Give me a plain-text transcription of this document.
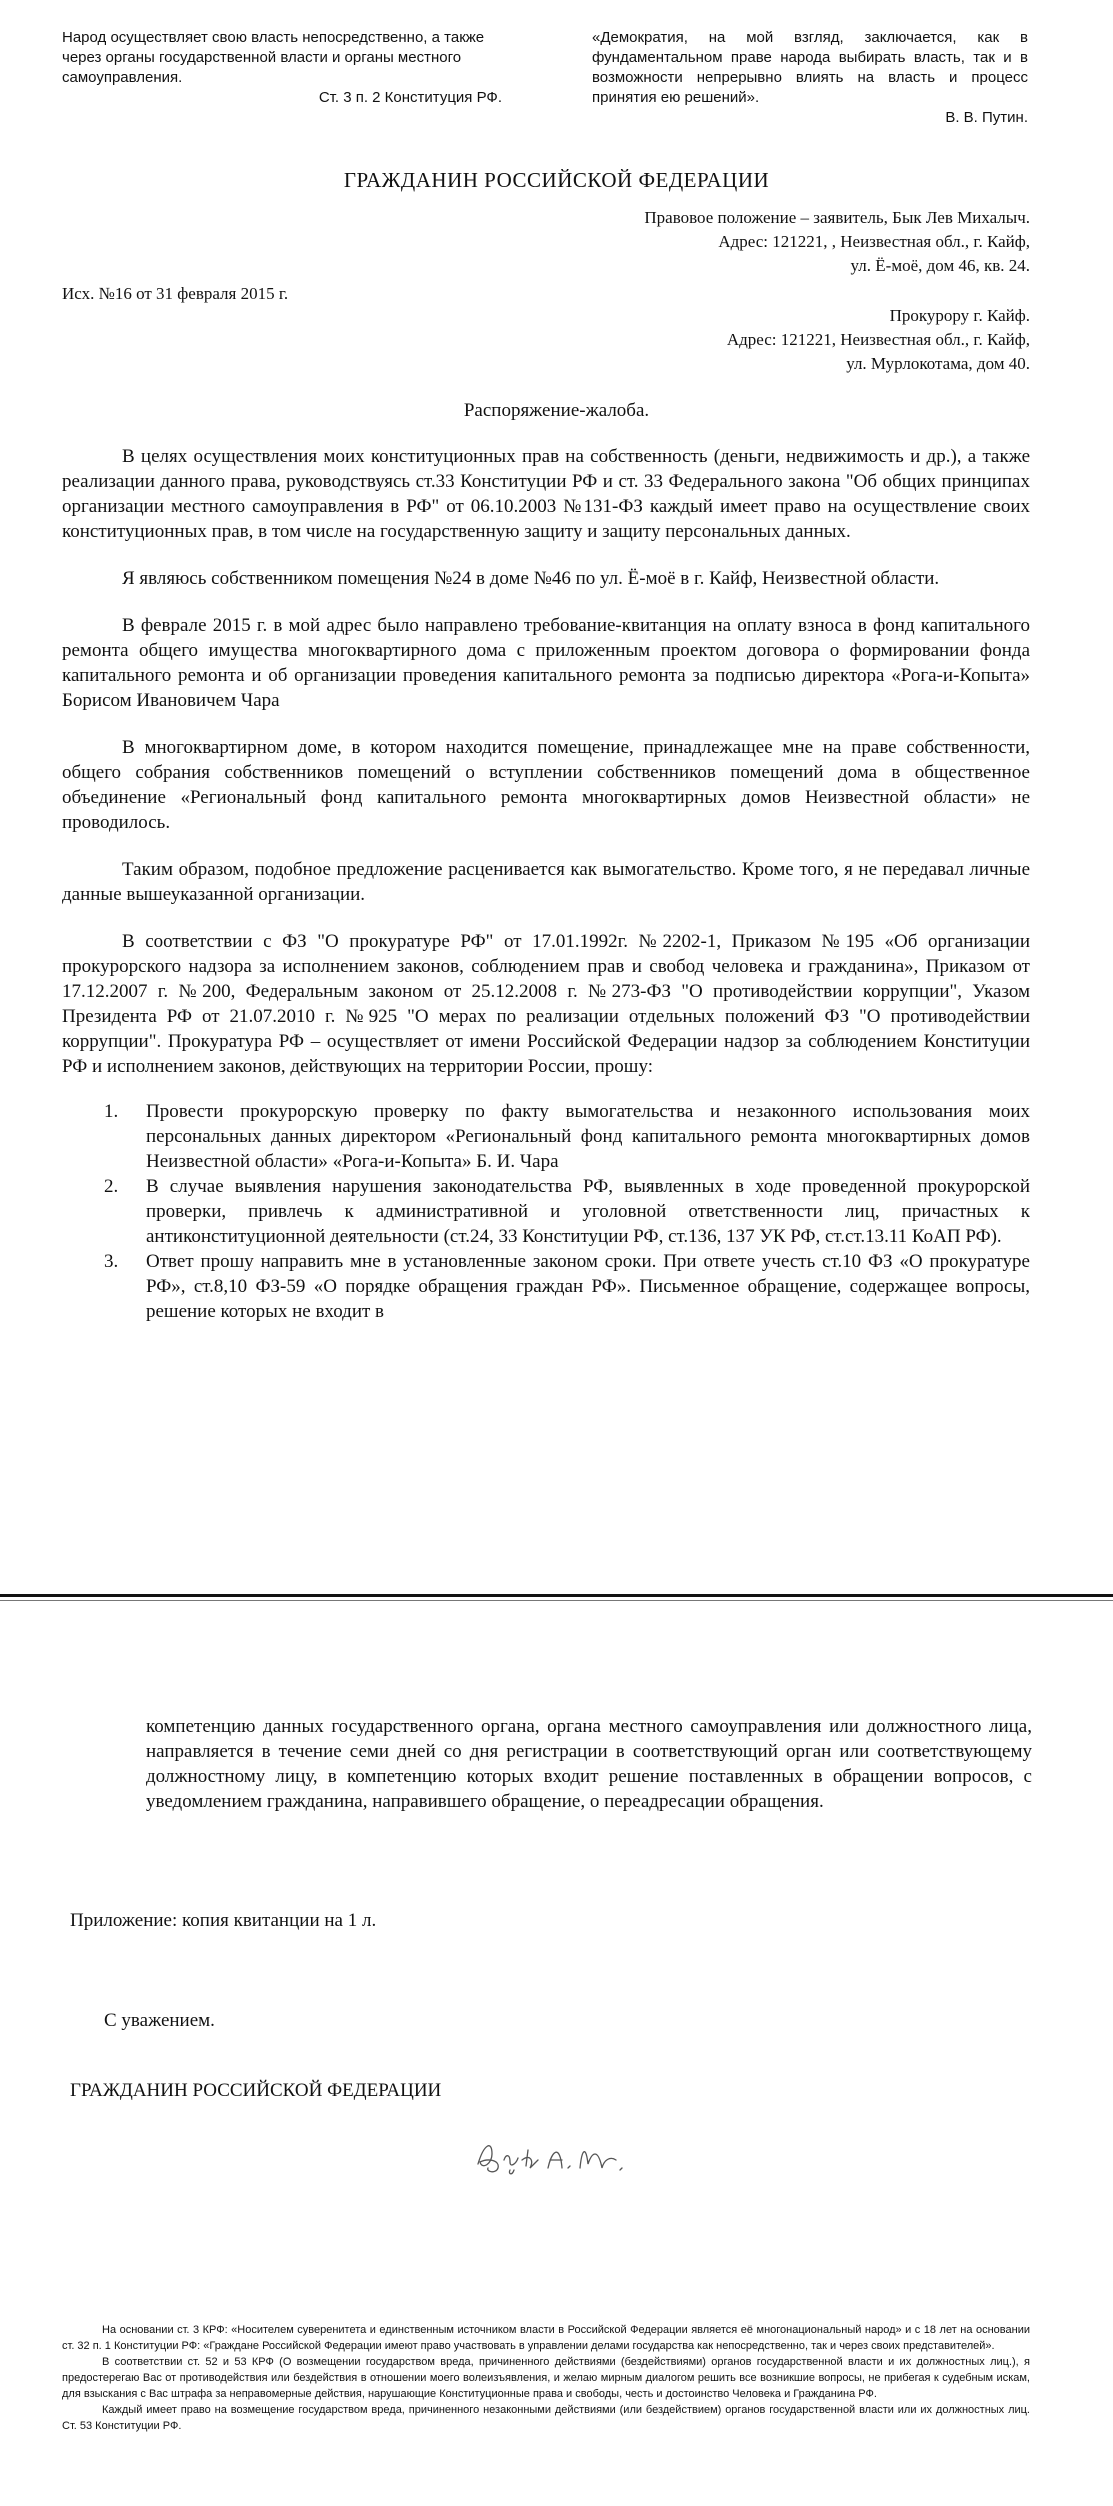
Народ осуществляет свою власть непосредственно, а также через органы государственной власти и органы местного самоуправления.
Ст. 3 п. 2 Конституция РФ.
«Демократия, на мой взгляд, заключается, как в фундаментальном праве народа выбирать власть, так и в возможности непрерывно влиять на власть и процесс принятия ею решений».
В. В. Путин.
ГРАЖДАНИН РОССИЙСКОЙ ФЕДЕРАЦИИ
Правовое положение – заявитель, Бык Лев Михалыч.
Адрес: 121221, , Неизвестная обл., г. Кайф,
ул. Ё-моё, дом 46, кв. 24.
Исх. №16 от 31 февраля 2015 г.
Прокурору г. Кайф.
Адрес: 121221, Неизвестная обл., г. Кайф,
ул. Мурлокотама, дом 40.
Распоряжение-жалоба.

В целях осуществления моих конституционных прав на собственность (деньги, недвижимость и др.), а также реализации данного права, руководствуясь ст.33 Конституции РФ и ст. 33 Федерального закона "Об общих принципах организации местного самоуправления в РФ" от 06.10.2003 №131-ФЗ каждый имеет право на осуществление своих конституционных прав, в том числе на государственную защиту и защиту персональных данных.

Я являюсь собственником помещения №24 в доме №46 по ул. Ё-моё в г. Кайф, Неизвестной области.

В феврале 2015 г. в мой адрес было направлено требование-квитанция на оплату взноса в фонд капитального ремонта общего имущества многоквартирного дома с приложенным проектом договора о формировании фонда капитального ремонта и об организации проведения капитального ремонта за подписью директора «Рога-и-Копыта» Борисом Ивановичем Чара

В многоквартирном доме, в котором находится помещение, принадлежащее мне на праве собственности, общего собрания собственников помещений о вступлении собственников помещений дома в общественное объединение «Региональный фонд капитального ремонта многоквартирных домов Неизвестной области» не проводилось.

Таким образом, подобное предложение расценивается как вымогательство. Кроме того, я не передавал личные данные вышеуказанной организации.

В соответствии с ФЗ "О прокуратуре РФ" от 17.01.1992г. №2202-1, Приказом №195 «Об организации прокурорского надзора за исполнением законов, соблюдением прав и свобод человека и гражданина», Приказом от 17.12.2007 г. №200, Федеральным законом от 25.12.2008 г. №273-ФЗ "О противодействии коррупции", Указом Президента РФ от 21.07.2010 г. №925 "О мерах по реализации отдельных положений ФЗ "О противодействии коррупции". Прокуратура РФ – осуществляет от имени Российской Федерации надзор за соблюдением Конституции РФ и исполнением законов, действующих на территории России, прошу:

1. Провести прокурорскую проверку по факту вымогательства и незаконного использования моих персональных данных директором «Региональный фонд капитального ремонта многоквартирных домов Неизвестной области» «Рога-и-Копыта» Б. И. Чара
2. В случае выявления нарушения законодательства РФ, выявленных в ходе проведенной прокурорской проверки, привлечь к административной и уголовной ответственности лиц, причастных к антиконституционной деятельности (ст.24, 33 Конституции РФ, ст.136, 137 УК РФ, ст.ст.13.11 КоАП РФ).
3. Ответ прошу направить мне в установленные законом сроки. При ответе учесть ст.10 ФЗ «О прокуратуре РФ», ст.8,10 ФЗ-59 «О порядке обращения граждан РФ». Письменное обращение, содержащее вопросы, решение которых не входит в
компетенцию данных государственного органа, органа местного самоуправления или должностного лица, направляется в течение семи дней со дня регистрации в соответствующий орган или соответствующему должностному лицу, в компетенцию которых входит решение поставленных в обращении вопросов, с уведомлением гражданина, направившего обращение, о переадресации обращения.
Приложение: копия квитанции на 1 л.
С уважением.
ГРАЖДАНИН РОССИЙСКОЙ ФЕДЕРАЦИИ

На основании ст. 3 КРФ: «Носителем суверенитета и единственным источником власти в Российской Федерации является её многонациональный народ» и с 18 лет на основании ст. 32 п. 1 Конституции РФ: «Граждане Российской Федерации имеют право участвовать в управлении делами государства как непосредственно, так и через своих представителей».

В соответствии ст. 52 и 53 КРФ (О возмещении государством вреда, причиненного действиями (бездействиями) органов государственной власти и их должностных лиц.), я предостерегаю Вас от противодействия или бездействия в отношении моего волеизъявления, и желаю мирным диалогом решить все возникшие вопросы, не прибегая к судебным искам, для взыскания с Вас штрафа за неправомерные действия, нарушающие Конституционные права и свободы, честь и достоинство Человека и Гражданина РФ.

Каждый имеет право на возмещение государством вреда, причиненного незаконными действиями (или бездействием) органов государственной власти или их должностных лиц. Ст. 53 Конституции РФ.
